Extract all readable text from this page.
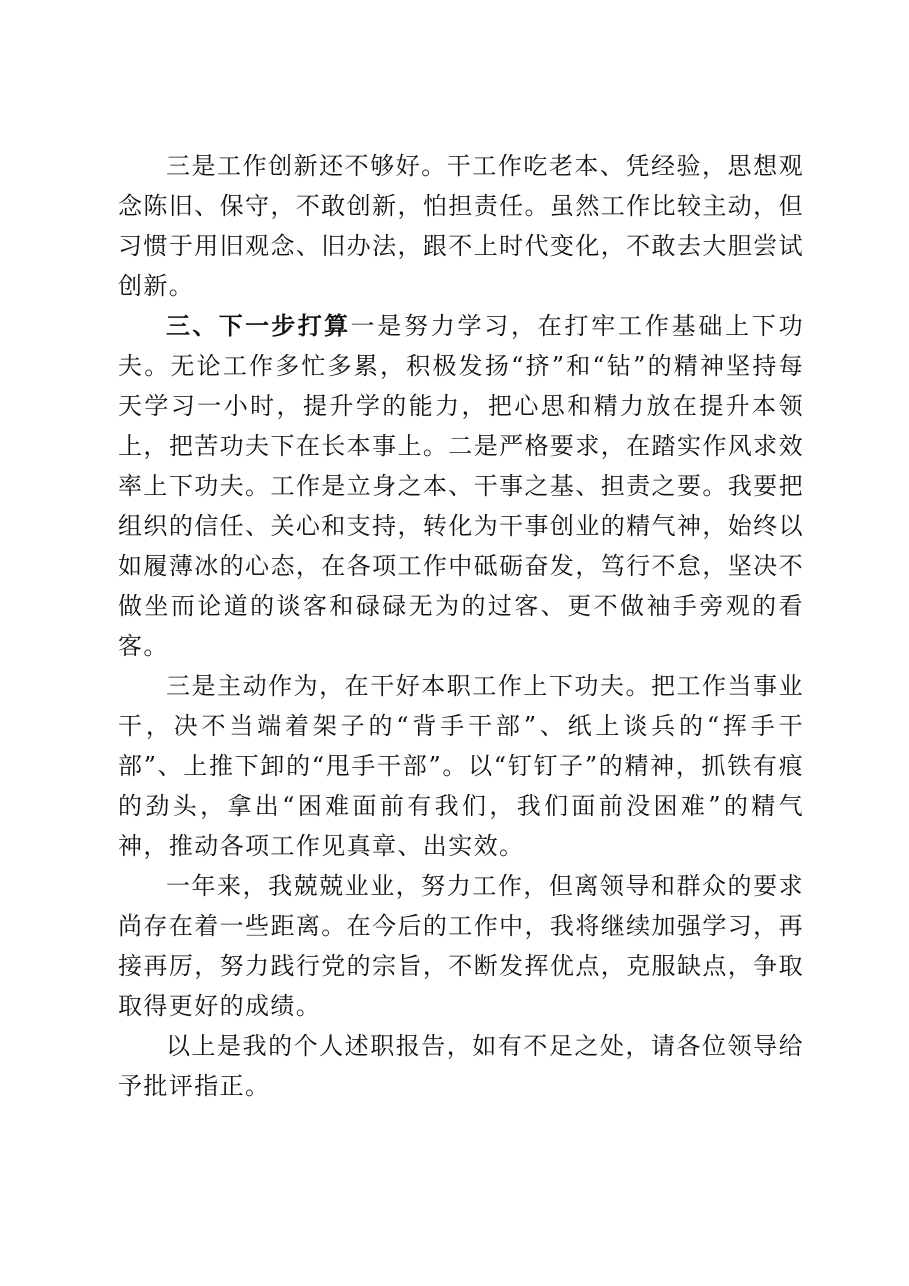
三是工作创新还不够好。干工作吃老本、凭经验，思想观念陈旧、保守，不敢创新，怕担责任。虽然工作比较主动，但习惯于用旧观念、旧办法，跟不上时代变化，不敢去大胆尝试创新。

三、下一步打算一是努力学习，在打牢工作基础上下功夫。无论工作多忙多累，积极发扬“挤”和“钻”的精神坚持每天学习一小时，提升学的能力，把心思和精力放在提升本领上，把苦功夫下在长本事上。二是严格要求，在踏实作风求效率上下功夫。工作是立身之本、干事之基、担责之要。我要把组织的信任、关心和支持，转化为干事创业的精气神，始终以如履薄冰的心态，在各项工作中砥砺奋发，笃行不怠，坚决不做坐而论道的谈客和碌碌无为的过客、更不做袖手旁观的看客。

三是主动作为，在干好本职工作上下功夫。把工作当事业干，决不当端着架子的“背手干部”、纸上谈兵的“挥手干部”、上推下卸的“甩手干部”。以“钉钉子”的精神，抓铁有痕的劲头，拿出“困难面前有我们，我们面前没困难”的精气神，推动各项工作见真章、出实效。

一年来，我兢兢业业，努力工作，但离领导和群众的要求尚存在着一些距离。在今后的工作中，我将继续加强学习，再接再厉，努力践行党的宗旨，不断发挥优点，克服缺点，争取取得更好的成绩。

以上是我的个人述职报告，如有不足之处，请各位领导给予批评指正。
